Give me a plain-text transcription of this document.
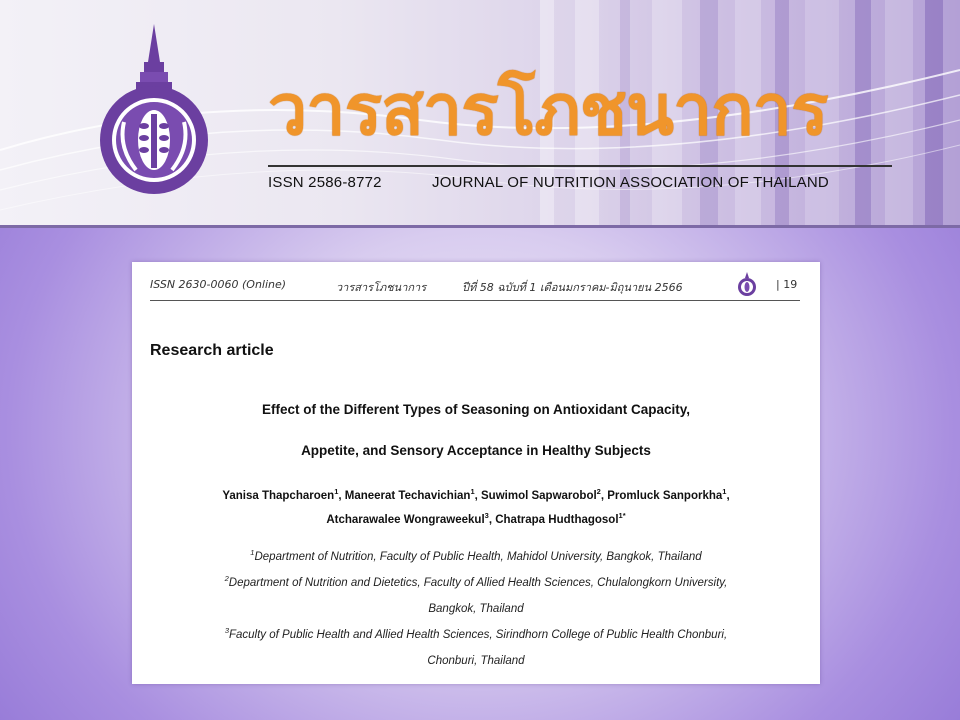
วารสารโภชนาการ
ISSN 2586-8772	JOURNAL OF NUTRITION ASSOCIATION OF THAILAND
ISSN 2630-0060 (Online)	วารสารโภชนาการ	ปีที่ 58 ฉบับที่ 1 เดือนมกราคม-มิถุนายน 2566	| 19
Research article
Effect of the Different Types of Seasoning on Antioxidant Capacity,
Appetite, and Sensory Acceptance in Healthy Subjects
Yanisa Thapcharoen$^1$, Maneerat Techavichian$^1$, Suwimol Sapwarobol$^2$, Promluck Sanporkha$^1$,
Atcharawalee Wongraweekul$^3$, Chatrapa Hudthagosol$^{1*}$
$^1$Department of Nutrition, Faculty of Public Health, Mahidol University, Bangkok, Thailand
$^2$Department of Nutrition and Dietetics, Faculty of Allied Health Sciences, Chulalongkorn University,
Bangkok, Thailand
$^3$Faculty of Public Health and Allied Health Sciences, Sirindhorn College of Public Health Chonburi,
Chonburi, Thailand
